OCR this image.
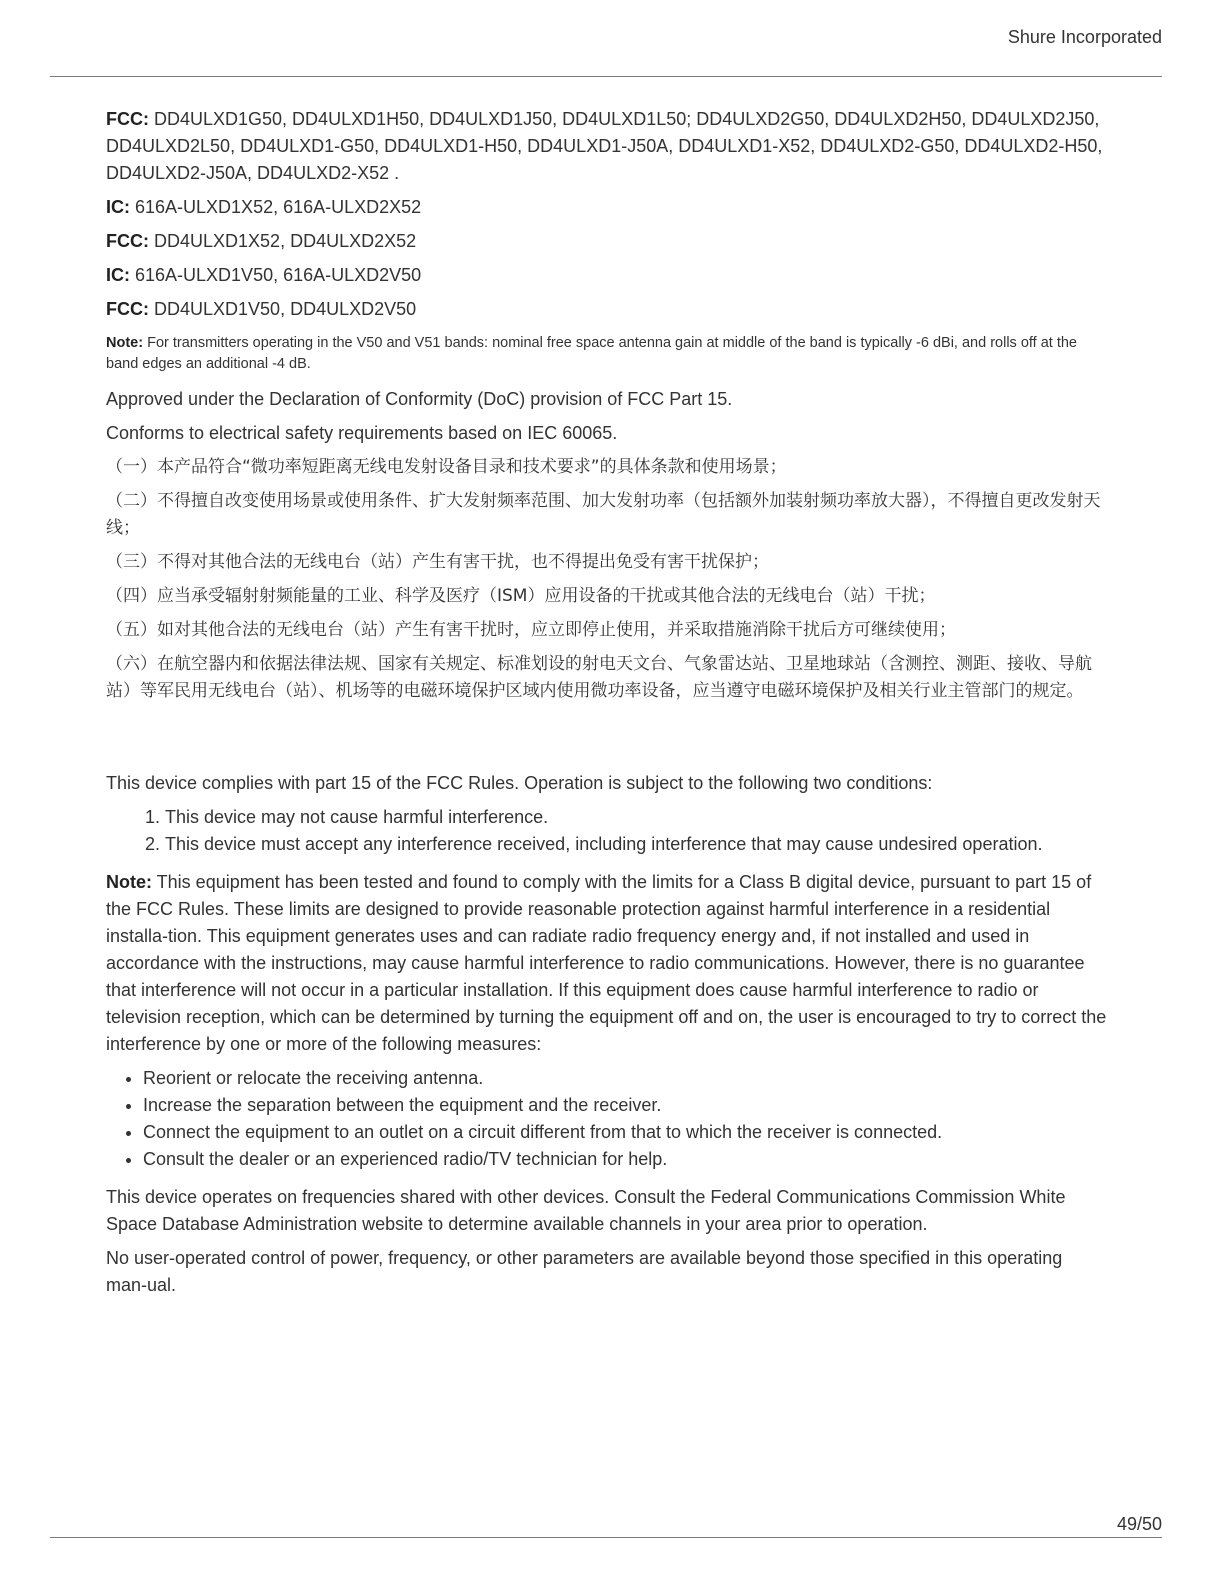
Shure Incorporated

FCC: DD4ULXD1G50, DD4ULXD1H50, DD4ULXD1J50, DD4ULXD1L50; DD4ULXD2G50, DD4ULXD2H50, DD4ULXD2J50, DD4ULXD2L50, DD4ULXD1-G50, DD4ULXD1-H50, DD4ULXD1-J50A, DD4ULXD1-X52, DD4ULXD2-G50, DD4ULXD2-H50, DD4ULXD2-J50A, DD4ULXD2-X52 .

IC: 616A-ULXD1X52, 616A-ULXD2X52

FCC: DD4ULXD1X52, DD4ULXD2X52

IC: 616A-ULXD1V50, 616A-ULXD2V50

FCC: DD4ULXD1V50, DD4ULXD2V50

Note: For transmitters operating in the V50 and V51 bands: nominal free space antenna gain at middle of the band is typically -6 dBi, and rolls off at the band edges an additional -4 dB.

Approved under the Declaration of Conformity (DoC) provision of FCC Part 15.

Conforms to electrical safety requirements based on IEC 60065.

（一）本产品符合“微功率短距离无线电发射设备目录和技术要求”的具体条款和使用场景；

（二）不得擅自改变使用场景或使用条件、扩大发射频率范围、加大发射功率（包括额外加装射频功率放大器），不得擅自更改发射天线；

（三）不得对其他合法的无线电台（站）产生有害干扰，也不得提出免受有害干扰保护；

（四）应当承受辐射射频能量的工业、科学及医疗（ISM）应用设备的干扰或其他合法的无线电台（站）干扰；

（五）如对其他合法的无线电台（站）产生有害干扰时，应立即停止使用，并采取措施消除干扰后方可继续使用；

（六）在航空器内和依据法律法规、国家有关规定、标准划设的射电天文台、气象雷达站、卫星地球站（含测控、测距、接收、导航站）等军民用无线电台（站）、机场等的电磁环境保护区域内使用微功率设备，应当遵守电磁环境保护及相关行业主管部门的规定。

This device complies with part 15 of the FCC Rules. Operation is subject to the following two conditions:

1. This device may not cause harmful interference.
2. This device must accept any interference received, including interference that may cause undesired operation.

Note: This equipment has been tested and found to comply with the limits for a Class B digital device, pursuant to part 15 of the FCC Rules. These limits are designed to provide reasonable protection against harmful interference in a residential installa-tion. This equipment generates uses and can radiate radio frequency energy and, if not installed and used in accordance with the instructions, may cause harmful interference to radio communications. However, there is no guarantee that interference will not occur in a particular installation. If this equipment does cause harmful interference to radio or television reception, which can be determined by turning the equipment off and on, the user is encouraged to try to correct the interference by one or more of the following measures:

• Reorient or relocate the receiving antenna.
• Increase the separation between the equipment and the receiver.
• Connect the equipment to an outlet on a circuit different from that to which the receiver is connected.
• Consult the dealer or an experienced radio/TV technician for help.

This device operates on frequencies shared with other devices. Consult the Federal Communications Commission White Space Database Administration website to determine available channels in your area prior to operation.

No user-operated control of power, frequency, or other parameters are available beyond those specified in this operating man-ual.

49/50
